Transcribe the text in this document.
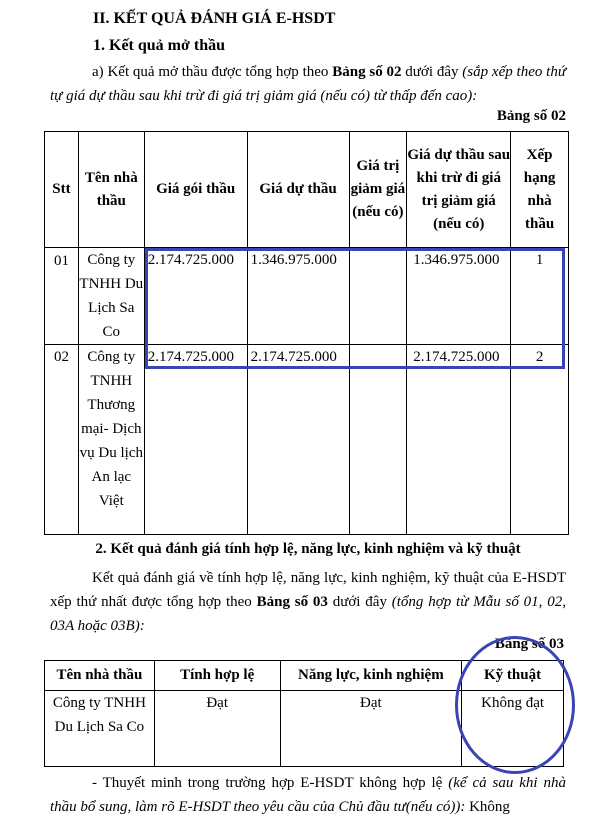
II. KẾT QUẢ ĐÁNH GIÁ E-HSDT
1. Kết quả mở thầu
a) Kết quả mở thầu được tổng hợp theo Bảng số 02 dưới đây (sắp xếp theo thứ tự giá dự thầu sau khi trừ đi giá trị giảm giá (nếu có) từ thấp đến cao):
Bảng số 02
Stt	Tên nhà thầu	Giá gói thầu	Giá dự thầu	Giá trị giảm giá (nếu có)	Giá dự thầu sau khi trừ đi giá trị giảm giá (nếu có)	Xếp hạng nhà thầu
01	Công ty TNHH Du Lịch Sa Co	2.174.725.000	1.346.975.000		1.346.975.000	1
02	Công ty TNHH Thương mại- Dịch vụ Du lịch An lạc Việt	2.174.725.000	2.174.725.000		2.174.725.000	2
2. Kết quả đánh giá tính hợp lệ, năng lực, kinh nghiệm và kỹ thuật
Kết quả đánh giá về tính hợp lệ, năng lực, kinh nghiệm, kỹ thuật của E-HSDT xếp thứ nhất được tổng hợp theo Bảng số 03 dưới đây (tổng hợp từ Mẫu số 01, 02, 03A hoặc 03B):
Bảng số 03
Tên nhà thầu	Tính hợp lệ	Năng lực, kinh nghiệm	Kỹ thuật
Công ty TNHH Du Lịch Sa Co	Đạt	Đạt	Không đạt
- Thuyết minh trong trường hợp E-HSDT không hợp lệ (kể cả sau khi nhà thầu bổ sung, làm rõ E-HSDT theo yêu cầu của Chủ đầu tư(nếu có)): Không
